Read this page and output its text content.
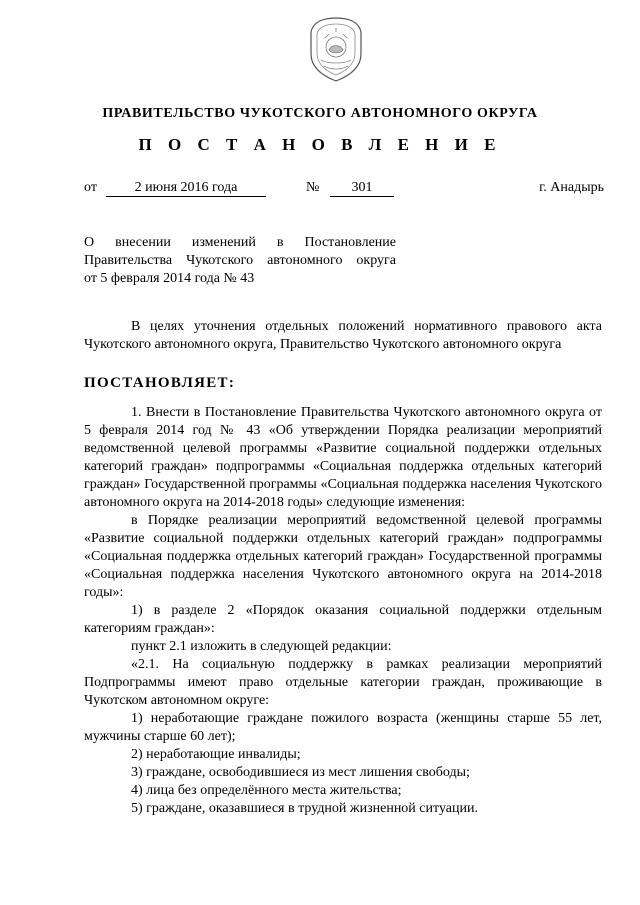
ПРАВИТЕЛЬСТВО ЧУКОТСКОГО АВТОНОМНОГО ОКРУГА
П О С Т А Н О В Л Е Н И Е
от	2 июня 2016 года	№	301	г. Анадырь
О внесении изменений в Постановление
Правительства Чукотского автономного округа
от 5 февраля 2014 года № 43

В целях уточнения отдельных положений нормативного правового акта Чукотского автономного округа, Правительство Чукотского автономного округа

ПОСТАНОВЛЯЕТ:

1. Внести в Постановление Правительства Чукотского автономного округа от 5 февраля 2014 год № 43 «Об утверждении Порядка реализации мероприятий ведомственной целевой программы «Развитие социальной поддержки отдельных категорий граждан» подпрограммы «Социальная поддержка отдельных категорий граждан» Государственной программы «Социальная поддержка населения Чукотского автономного округа на 2014-2018 годы» следующие изменения:

в Порядке реализации мероприятий ведомственной целевой программы «Развитие социальной поддержки отдельных категорий граждан» подпрограммы «Социальная поддержка отдельных категорий граждан» Государственной программы «Социальная поддержка населения Чукотского автономного округа на 2014-2018 годы»:

1) в разделе 2 «Порядок оказания социальной поддержки отдельным категориям граждан»:

пункт 2.1 изложить в следующей редакции:

«2.1. На социальную поддержку в рамках реализации мероприятий Подпрограммы имеют право отдельные категории граждан, проживающие в Чукотском автономном округе:

1) неработающие граждане пожилого возраста (женщины старше 55 лет, мужчины старше 60 лет);

2) неработающие инвалиды;

3) граждане, освободившиеся из мест лишения свободы;

4) лица без определённого места жительства;

5) граждане, оказавшиеся в трудной жизненной ситуации.
